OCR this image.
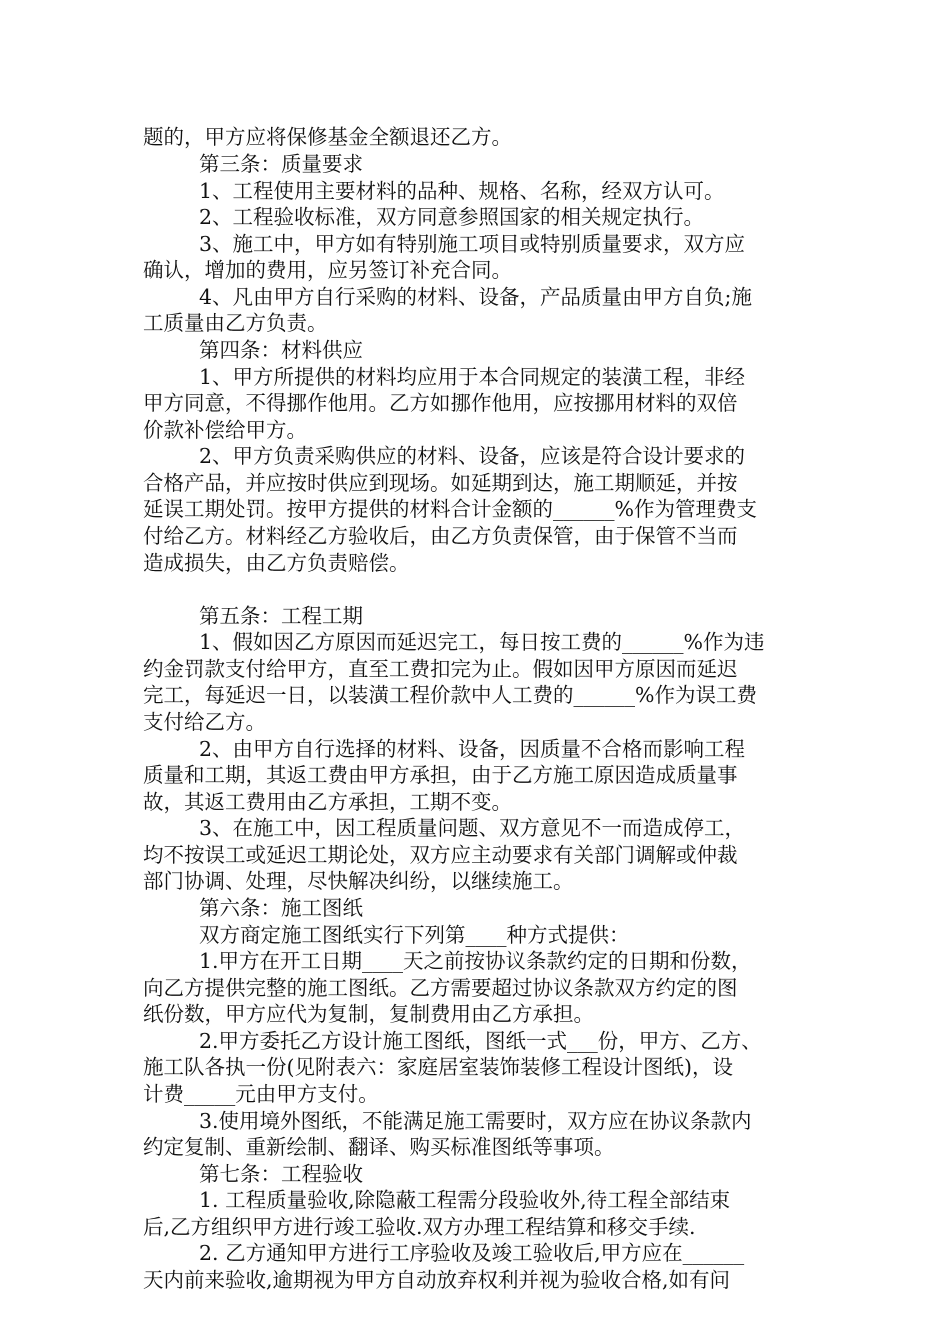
题的，甲方应将保修基金全额退还乙方。
第三条：质量要求
1、工程使用主要材料的品种、规格、名称，经双方认可。
2、工程验收标准，双方同意参照国家的相关规定执行。
3、施工中，甲方如有特别施工项目或特别质量要求，双方应
确认，增加的费用，应另签订补充合同。
4、凡由甲方自行采购的材料、设备，产品质量由甲方自负;施
工质量由乙方负责。
第四条：材料供应
1、甲方所提供的材料均应用于本合同规定的装潢工程，非经
甲方同意，不得挪作他用。乙方如挪作他用，应按挪用材料的双倍
价款补偿给甲方。
2、甲方负责采购供应的材料、设备，应该是符合设计要求的
合格产品，并应按时供应到现场。如延期到达，施工期顺延，并按
延误工期处罚。按甲方提供的材料合计金额的______%作为管理费支
付给乙方。材料经乙方验收后，由乙方负责保管，由于保管不当而
造成损失，由乙方负责赔偿。
第五条：工程工期
1、假如因乙方原因而延迟完工，每日按工费的______%作为违
约金罚款支付给甲方，直至工费扣完为止。假如因甲方原因而延迟
完工，每延迟一日，以装潢工程价款中人工费的______%作为误工费
支付给乙方。
2、由甲方自行选择的材料、设备，因质量不合格而影响工程
质量和工期，其返工费由甲方承担，由于乙方施工原因造成质量事
故，其返工费用由乙方承担，工期不变。
3、在施工中，因工程质量问题、双方意见不一而造成停工，
均不按误工或延迟工期论处，双方应主动要求有关部门调解或仲裁
部门协调、处理，尽快解决纠纷，以继续施工。
第六条：施工图纸
双方商定施工图纸实行下列第____种方式提供：
1.甲方在开工日期____天之前按协议条款约定的日期和份数，
向乙方提供完整的施工图纸。乙方需要超过协议条款双方约定的图
纸份数，甲方应代为复制，复制费用由乙方承担。
2.甲方委托乙方设计施工图纸，图纸一式___份，甲方、乙方、
施工队各执一份(见附表六：家庭居室装饰装修工程设计图纸)，设
计费_____元由甲方支付。
3.使用境外图纸，不能满足施工需要时，双方应在协议条款内
约定复制、重新绘制、翻译、购买标准图纸等事项。
第七条：工程验收
1. 工程质量验收,除隐蔽工程需分段验收外,待工程全部结束
后,乙方组织甲方进行竣工验收.双方办理工程结算和移交手续.
2. 乙方通知甲方进行工序验收及竣工验收后,甲方应在______
天内前来验收,逾期视为甲方自动放弃权利并视为验收合格,如有问
